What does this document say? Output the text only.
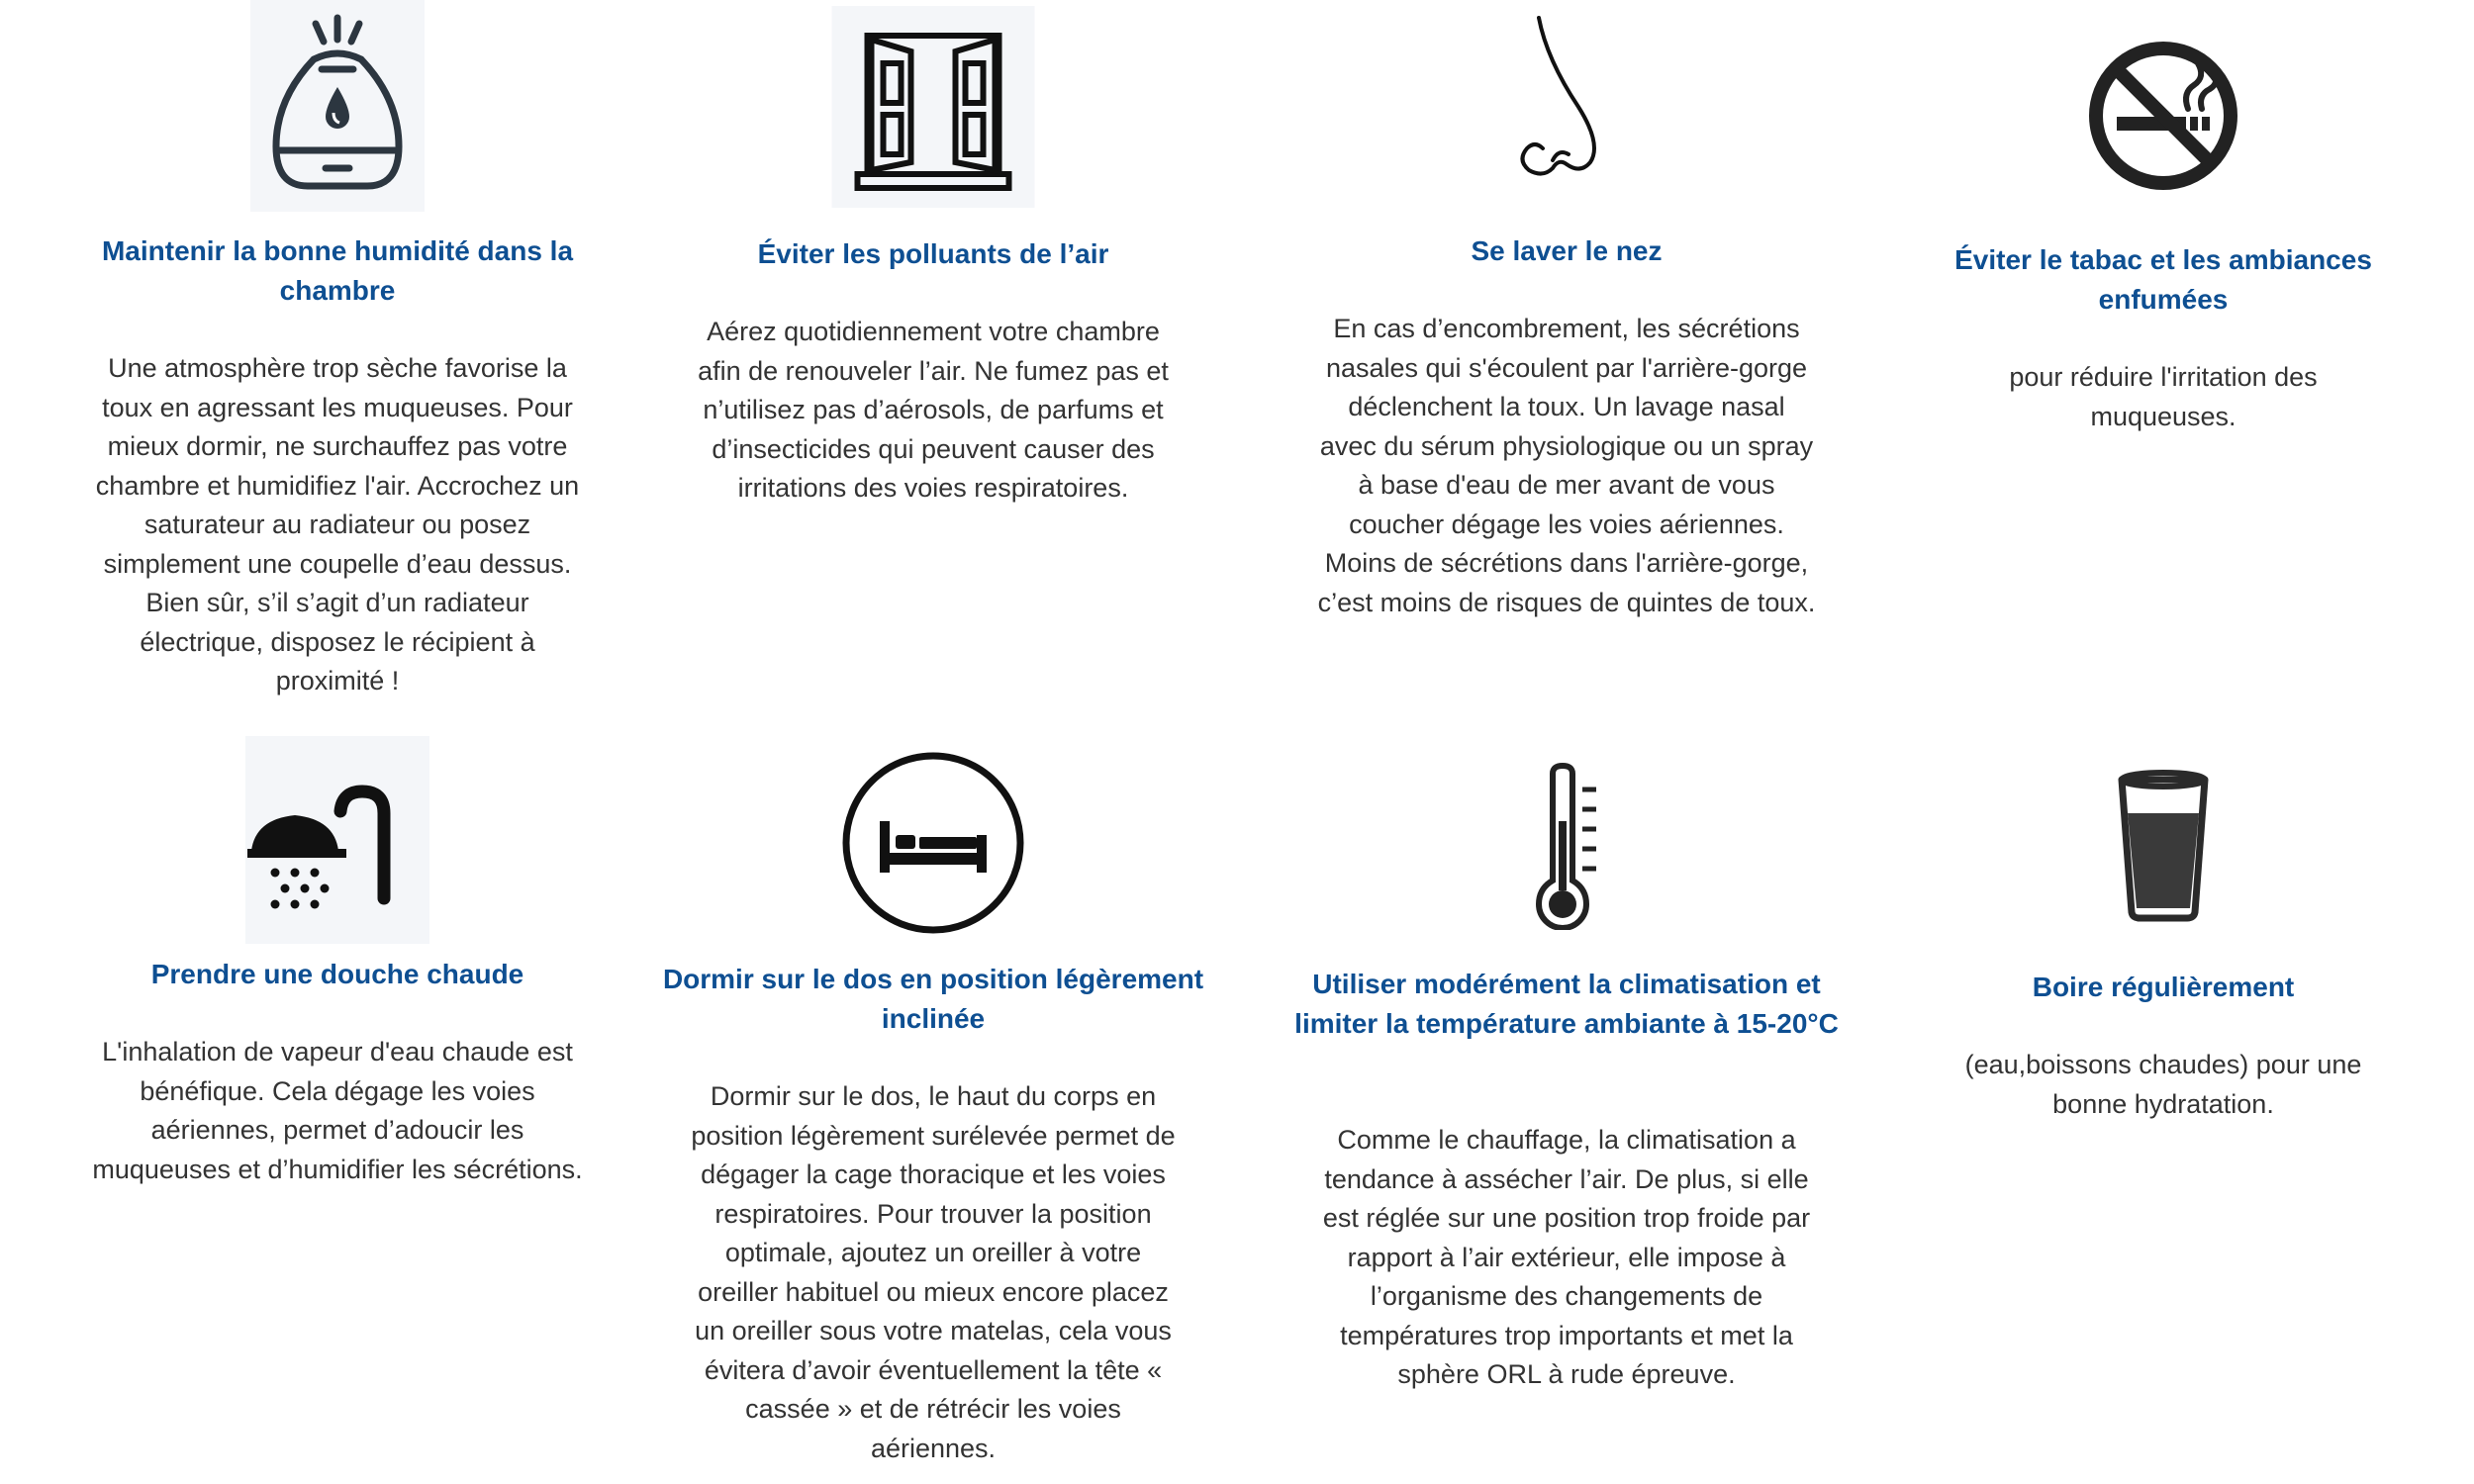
Maintenir la bonne humidité dans la chambre

Une atmosphère trop sèche favorise la toux en agressant les muqueuses. Pour mieux dormir, ne surchauffez pas votre chambre et humidifiez l'air. Accrochez un saturateur au radiateur ou posez simplement une coupelle d’eau dessus. Bien sûr, s’il s’agit d’un radiateur électrique, disposez le récipient à proximité !

Éviter les polluants de l’air

Aérez quotidiennement votre chambre afin de renouveler l’air. Ne fumez pas et n’utilisez pas d’aérosols, de parfums et d’insecticides qui peuvent causer des irritations des voies respiratoires.

Se laver le nez

En cas d’encombrement, les sécrétions nasales qui s'écoulent par l'arrière-gorge déclenchent la toux. Un lavage nasal avec du sérum physiologique ou un spray à base d'eau de mer avant de vous coucher dégage les voies aériennes. Moins de sécrétions dans l'arrière-gorge, c’est moins de risques de quintes de toux.

Éviter le tabac et les ambiances enfumées

pour réduire l'irritation des muqueuses.

Prendre une douche chaude

L'inhalation de vapeur d'eau chaude est bénéfique. Cela dégage les voies aériennes, permet d’adoucir les muqueuses et d’humidifier les sécrétions.

Dormir sur le dos en position légèrement inclinée

Dormir sur le dos, le haut du corps en position légèrement surélevée permet de dégager la cage thoracique et les voies respiratoires. Pour trouver la position optimale, ajoutez un oreiller à votre oreiller habituel ou mieux encore placez un oreiller sous votre matelas, cela vous évitera d’avoir éventuellement la tête « cassée » et de rétrécir les voies aériennes.

Utiliser modérément la climatisation et limiter la température ambiante à 15-20°C

Comme le chauffage, la climatisation a tendance à assécher l’air. De plus, si elle est réglée sur une position trop froide par rapport à l’air extérieur, elle impose à l’organisme des changements de températures trop importants et met la sphère ORL à rude épreuve.

Boire régulièrement

(eau,boissons chaudes) pour une bonne hydratation.
